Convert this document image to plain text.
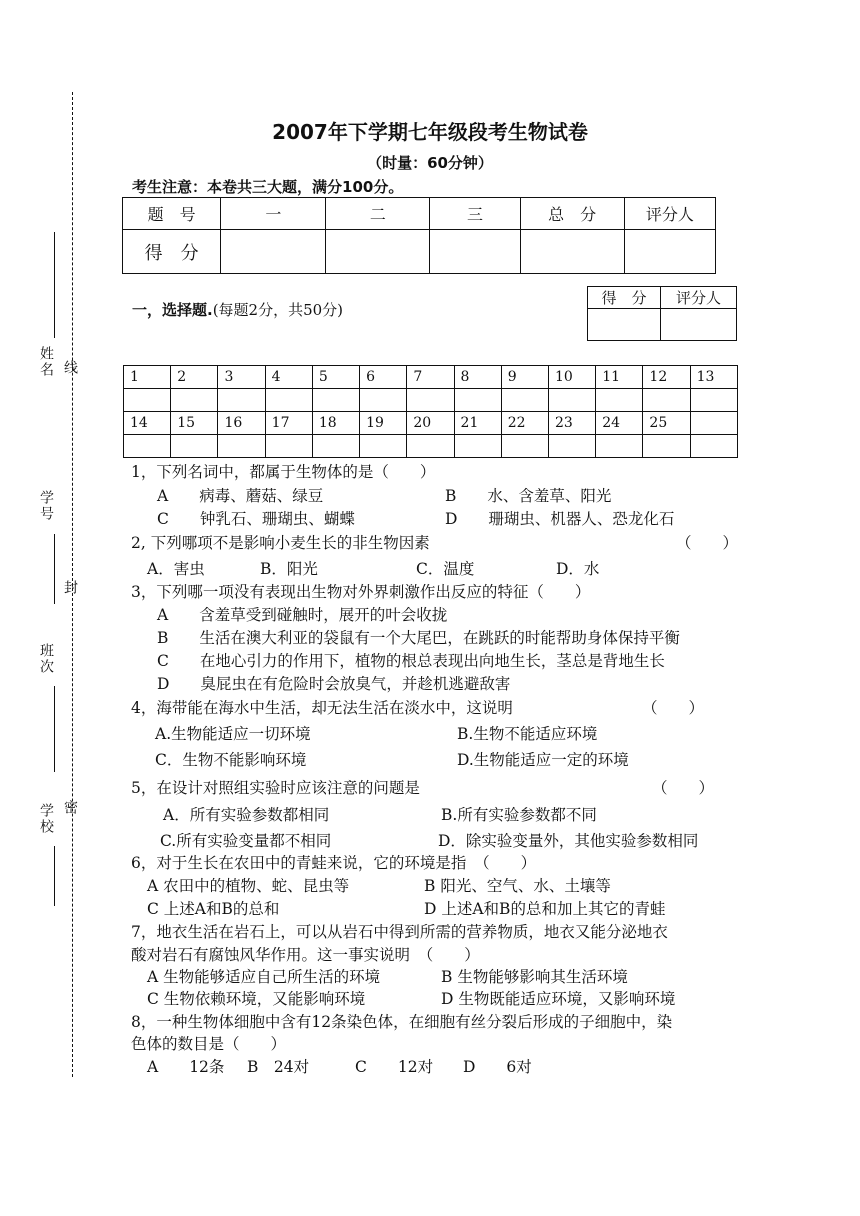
姓名 线
学号
封
班次
学校 密
2007年下学期七年级段考生物试卷
（时量：60分钟）
考生注意：本卷共三大题，满分100分。
题　号	一	二	三	总　分	评分人
得　分					
一，选择题.(每题2分，共50分)
得　分	评分人

1	2	3	4	5	6	7	8	9	10	11	12	13

14	15	16	17	18	19	20	21	22	23	24	25	

1，下列名词中，都属于生物体的是（　　）
A　　病毒、蘑菇、绿豆	B　　水、含羞草、阳光
C　　钟乳石、珊瑚虫、蝴蝶	D　　珊瑚虫、机器人、恐龙化石
2, 下列哪项不是影响小麦生长的非生物因素	（　　）
A．害虫	B．阳光	C．温度	D．水
3，下列哪一项没有表现出生物对外界刺激作出反应的特征（　　）
A　　含羞草受到碰触时，展开的叶会收拢
B　　生活在澳大利亚的袋鼠有一个大尾巴，在跳跃的时能帮助身体保持平衡
C　　在地心引力的作用下，植物的根总表现出向地生长，茎总是背地生长
D　　臭屁虫在有危险时会放臭气，并趁机逃避敌害
4，海带能在海水中生活，却无法生活在淡水中，这说明	（　　）
A.生物能适应一切环境	B.生物不能适应环境
C．生物不能影响环境	D.生物能适应一定的环境
5，在设计对照组实验时应该注意的问题是	（　　）
A．所有实验参数都相同	B.所有实验参数都不同
C.所有实验变量都不相同	D．除实验变量外，其他实验参数相同
6，对于生长在农田中的青蛙来说，它的环境是指　（　　）
A 农田中的植物、蛇、昆虫等	B 阳光、空气、水、土壤等
C 上述A和B的总和	D 上述A和B的总和加上其它的青蛙
7，地衣生活在岩石上，可以从岩石中得到所需的营养物质，地衣又能分泌地衣
酸对岩石有腐蚀风华作用。这一事实说明　（　　）
A 生物能够适应自己所生活的环境	B 生物能够影响其生活环境
C 生物依赖环境，又能影响环境	D 生物既能适应环境，又影响环境
8，一种生物体细胞中含有12条染色体，在细胞有丝分裂后形成的子细胞中，染
色体的数目是（　　）
A　　12条 B　24对	C　　12对 D　　6对
